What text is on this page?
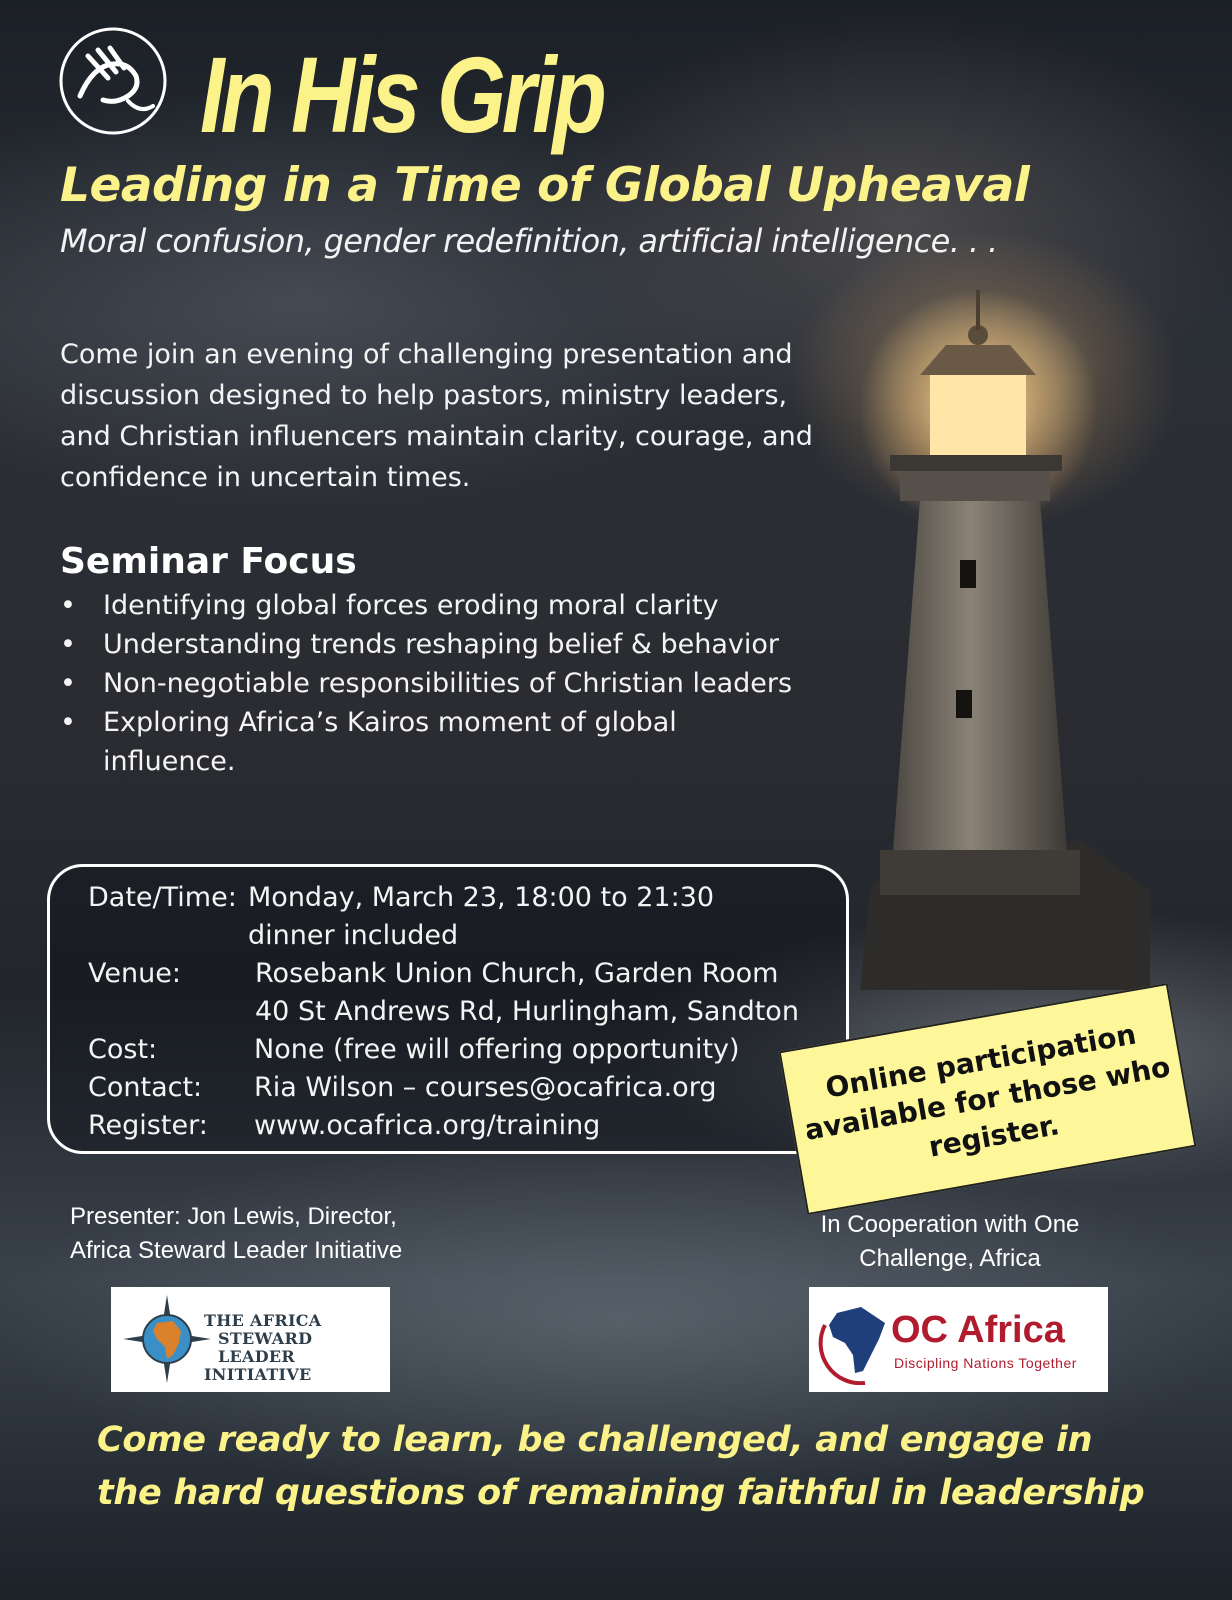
In His Grip
Leading in a Time of Global Upheaval

Moral confusion, gender redefinition, artificial intelligence. . .

Come join an evening of challenging presentation and discussion designed to help pastors, ministry leaders, and Christian influencers maintain clarity, courage, and confidence in uncertain times.

Seminar Focus
• Identifying global forces eroding moral clarity
• Understanding trends reshaping belief & behavior
• Non-negotiable responsibilities of Christian leaders
• Exploring Africa’s Kairos moment of global influence.
Date/Time: Monday, March 23, 18:00 to 21:30
dinner included
Venue:	Rosebank Union Church, Garden Room
40 St Andrews Rd, Hurlingham, Sandton
Cost:	None (free will offering opportunity)
Contact: Ria Wilson – courses@ocafrica.org
Register: www.ocafrica.org/training
Online participation available for those who register.

Presenter: Jon Lewis, Director,
Africa Steward Leader Initiative

In Cooperation with One Challenge, Africa

THE AFRICA
STEWARD LEADER
INITIATIVE
OC Africa
Discipling Nations Together

Come ready to learn, be challenged, and engage in
the hard questions of remaining faithful in leadership
